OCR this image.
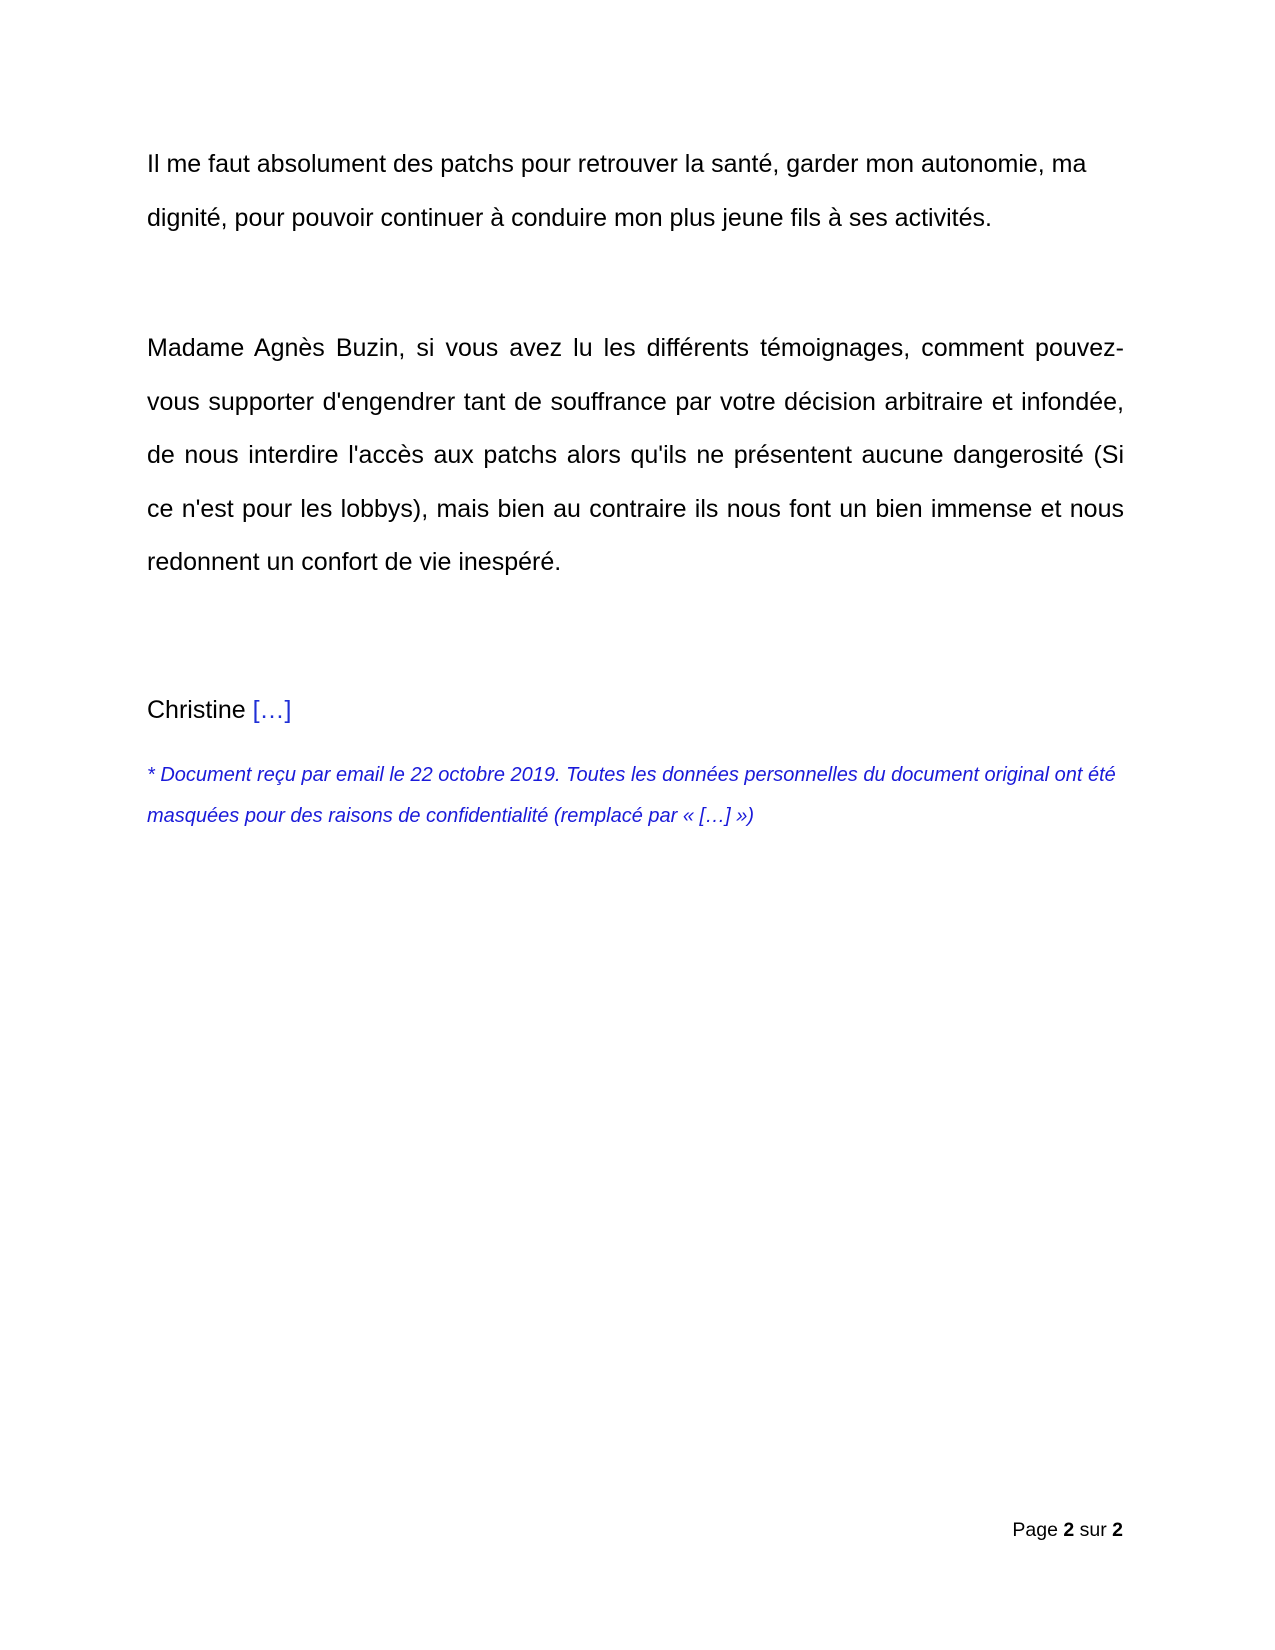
Il me faut absolument des patchs pour retrouver la santé, garder mon autonomie, ma dignité, pour pouvoir continuer à conduire mon plus jeune fils à ses activités.

Madame Agnès Buzin, si vous avez lu les différents témoignages, comment pouvez-vous supporter d'engendrer tant de souffrance par votre décision arbitraire et infondée, de nous interdire l'accès aux patchs alors qu'ils ne présentent aucune dangerosité (Si ce n'est pour les lobbys), mais bien au contraire ils nous font un bien immense et nous redonnent un confort de vie inespéré.

Christine […]

* Document reçu par email le 22 octobre 2019. Toutes les données personnelles du document original ont été masquées pour des raisons de confidentialité (remplacé par « […] »)

Page 2 sur 2
